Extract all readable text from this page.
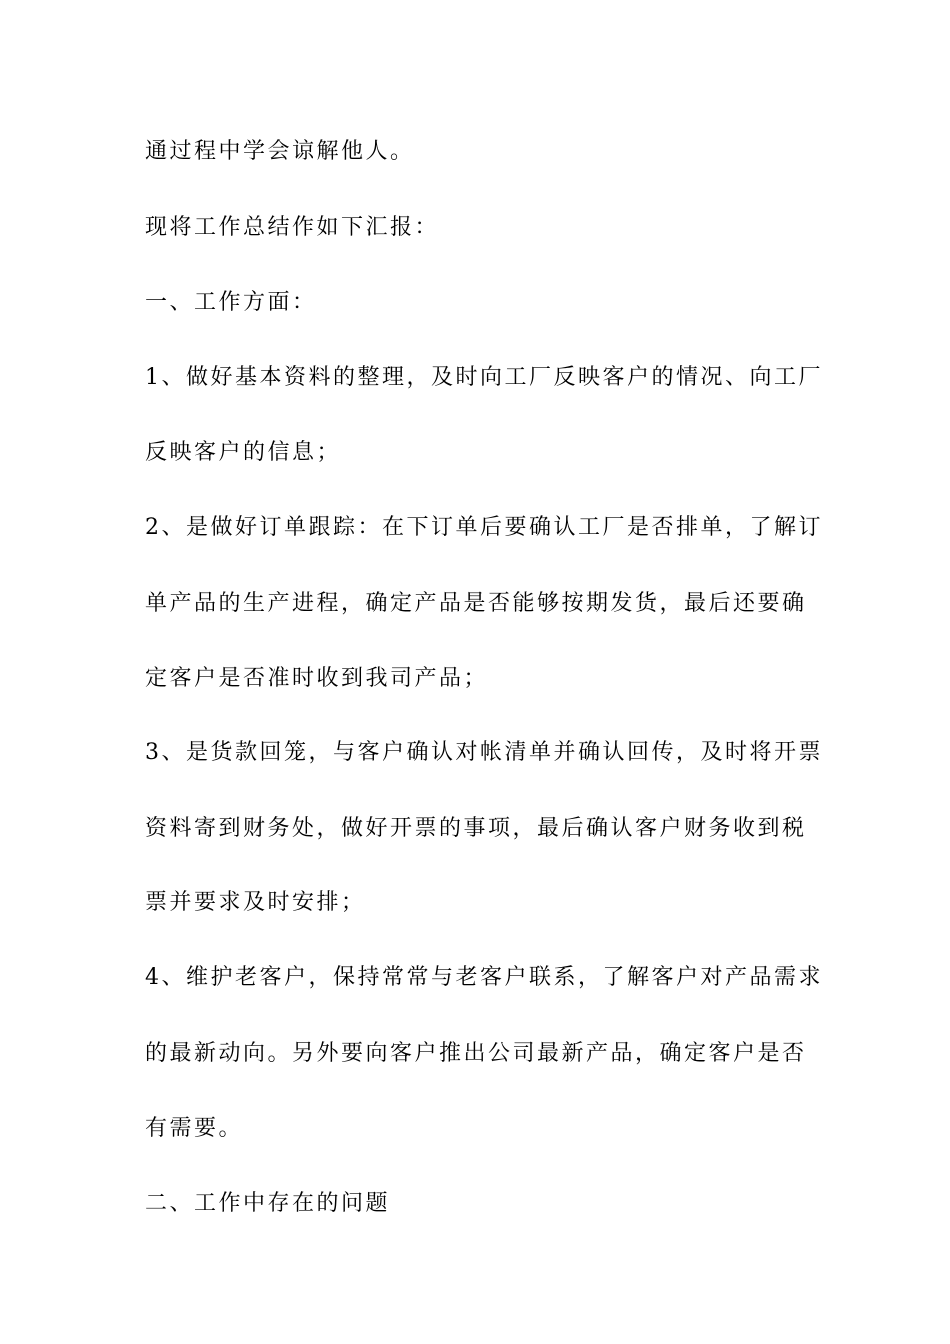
通过程中学会谅解他人。
现将工作总结作如下汇报：
一、工作方面：
1、做好基本资料的整理，及时向工厂反映客户的情况、向工厂
反映客户的信息；
2、是做好订单跟踪：在下订单后要确认工厂是否排单，了解订
单产品的生产进程，确定产品是否能够按期发货，最后还要确
定客户是否准时收到我司产品；
3、是货款回笼，与客户确认对帐清单并确认回传，及时将开票
资料寄到财务处，做好开票的事项，最后确认客户财务收到税
票并要求及时安排；
4、维护老客户，保持常常与老客户联系，了解客户对产品需求
的最新动向。另外要向客户推出公司最新产品，确定客户是否
有需要。
二、工作中存在的问题
